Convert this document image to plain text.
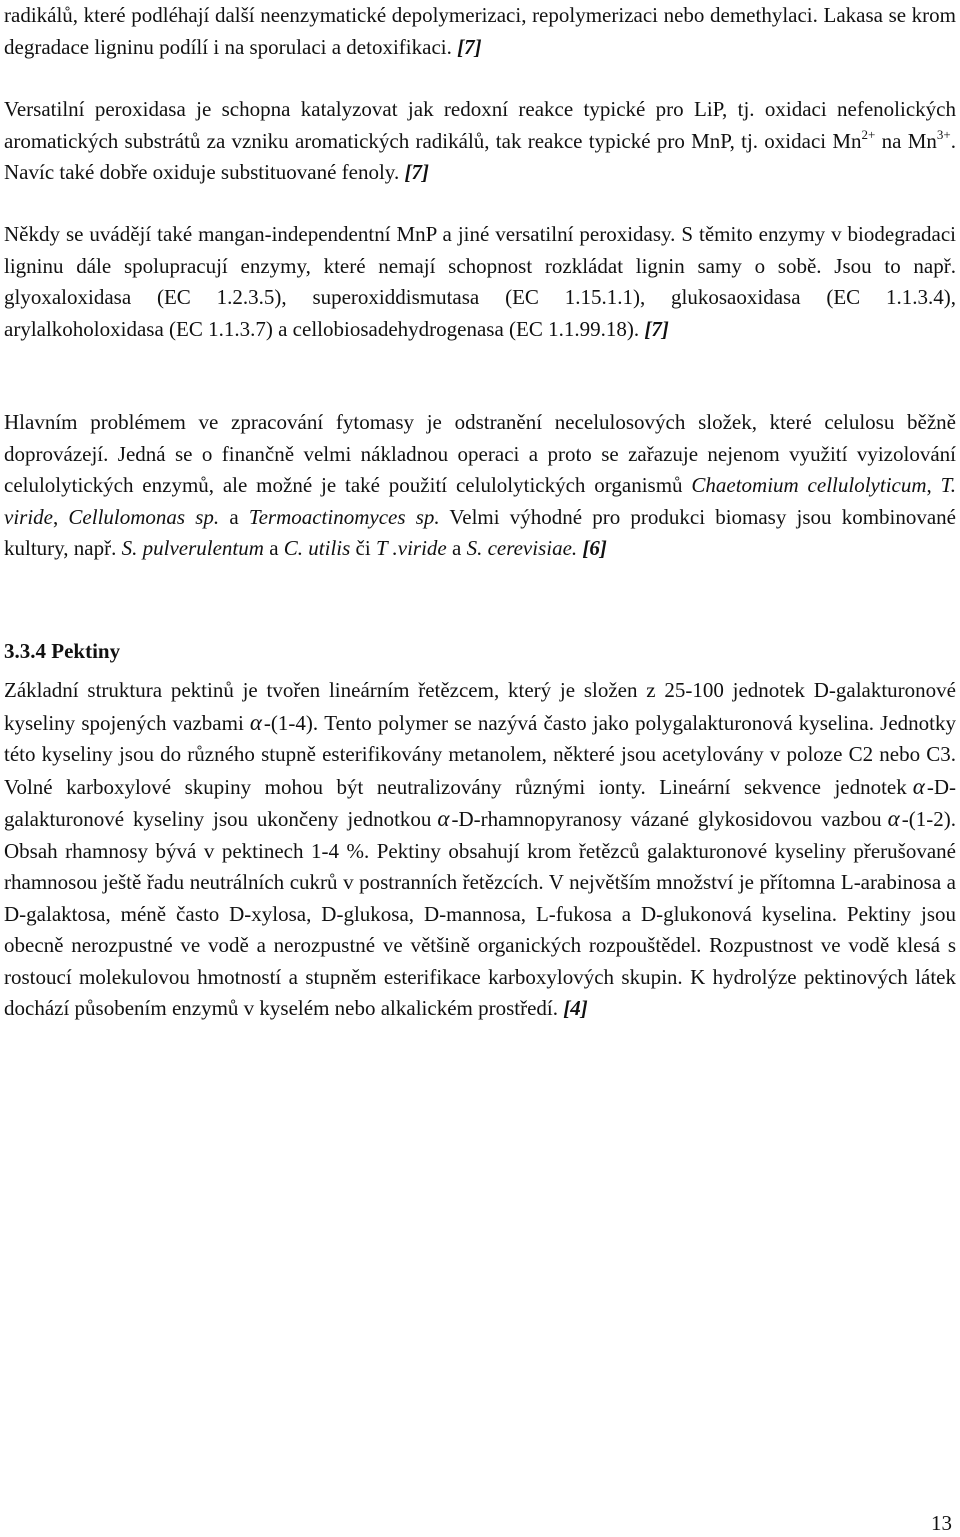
radikálů, které podléhají další neenzymatické depolymerizaci, repolymerizaci nebo demethylaci. Lakasa se krom degradace ligninu podílí i na sporulaci a detoxifikaci. [7]

Versatilní peroxidasa je schopna katalyzovat jak redoxní reakce typické pro LiP, tj. oxidaci nefenolických aromatických substrátů za vzniku aromatických radikálů, tak reakce typické pro MnP, tj. oxidaci $Mn^{2+}$ na $Mn^{3+}$. Navíc také dobře oxiduje substituované fenoly. [7]

Někdy se uvádějí také mangan-independentní MnP a jiné versatilní peroxidasy. S těmito enzymy v biodegradaci ligninu dále spolupracují enzymy, které nemají schopnost rozkládat lignin samy o sobě. Jsou to např. glyoxaloxidasa (EC 1.2.3.5), superoxiddismutasa (EC 1.15.1.1), glukosaoxidasa (EC 1.1.3.4), arylalkoholoxidasa (EC 1.1.3.7) a cellobiosadehydrogenasa (EC 1.1.99.18). [7]

Hlavním problémem ve zpracování fytomasy je odstranění necelulosových složek, které celulosu běžně doprovázejí. Jedná se o finančně velmi nákladnou operaci a proto se zařazuje nejenom využití vyizolování celulolytických enzymů, ale možné je také použití celulolytických organismů Chaetomium cellulolyticum, T. viride, Cellulomonas sp. a Termoactinomyces sp. Velmi výhodné pro produkci biomasy jsou kombinované kultury, např. S. pulverulentum a C. utilis či T .viride a S. cerevisiae. [6]

3.3.4 Pektiny

Základní struktura pektinů je tvořen lineárním řetězcem, který je složen z 25-100 jednotek D-galakturonové kyseliny spojených vazbami α-(1-4). Tento polymer se nazývá často jako polygalakturonová kyselina. Jednotky této kyseliny jsou do různého stupně esterifikovány metanolem, některé jsou acetylovány v poloze C2 nebo C3. Volné karboxylové skupiny mohou být neutralizovány různými ionty. Lineární sekvence jednotek α-D-galakturonové kyseliny jsou ukončeny jednotkou α-D-rhamnopyranosy vázané glykosidovou vazbou α-(1-2). Obsah rhamnosy bývá v pektinech 1-4 %. Pektiny obsahují krom řetězců galakturonové kyseliny přerušované rhamnosou ještě řadu neutrálních cukrů v postranních řetězcích. V největším množství je přítomna L-arabinosa a D-galaktosa, méně často D-xylosa, D-glukosa, D-mannosa, L-fukosa a D-glukonová kyselina. Pektiny jsou obecně nerozpustné ve vodě a nerozpustné ve většině organických rozpouštědel. Rozpustnost ve vodě klesá s rostoucí molekulovou hmotností a stupněm esterifikace karboxylových skupin. K hydrolýze pektinových látek dochází působením enzymů v kyselém nebo alkalickém prostředí. [4]

13
